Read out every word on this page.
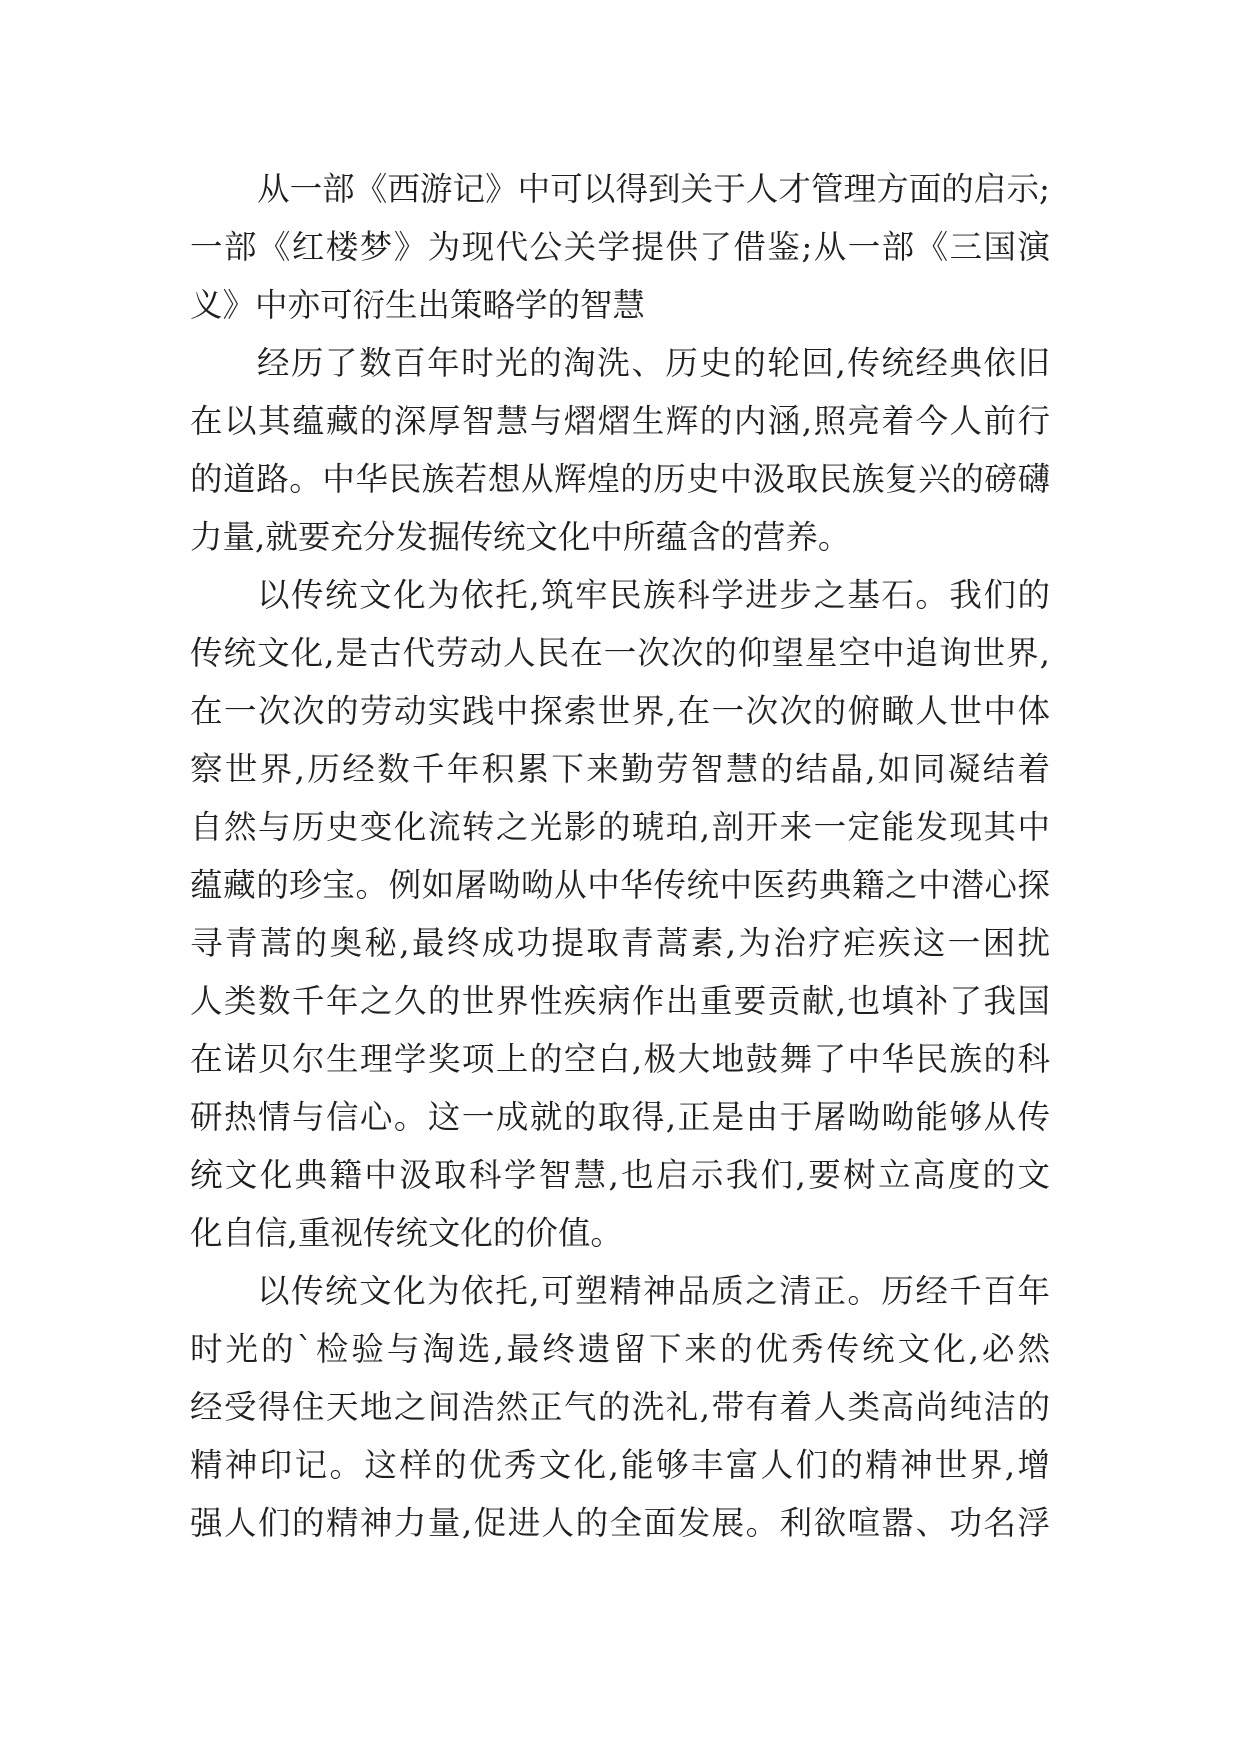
从一部《西游记》中可以得到关于人才管理方面的启示;
一部《红楼梦》为现代公关学提供了借鉴;从一部《三国演
义》中亦可衍生出策略学的智慧
经历了数百年时光的淘洗、历史的轮回,传统经典依旧
在以其蕴藏的深厚智慧与熠熠生辉的内涵,照亮着今人前行
的道路。中华民族若想从辉煌的历史中汲取民族复兴的磅礴
力量,就要充分发掘传统文化中所蕴含的营养。
以传统文化为依托,筑牢民族科学进步之基石。我们的
传统文化,是古代劳动人民在一次次的仰望星空中追询世界,
在一次次的劳动实践中探索世界,在一次次的俯瞰人世中体
察世界,历经数千年积累下来勤劳智慧的结晶,如同凝结着
自然与历史变化流转之光影的琥珀,剖开来一定能发现其中
蕴藏的珍宝。例如屠呦呦从中华传统中医药典籍之中潜心探
寻青蒿的奥秘,最终成功提取青蒿素,为治疗疟疾这一困扰
人类数千年之久的世界性疾病作出重要贡献,也填补了我国
在诺贝尔生理学奖项上的空白,极大地鼓舞了中华民族的科
研热情与信心。这一成就的取得,正是由于屠呦呦能够从传
统文化典籍中汲取科学智慧,也启示我们,要树立高度的文
化自信,重视传统文化的价值。
以传统文化为依托,可塑精神品质之清正。历经千百年
时光的`检验与淘选,最终遗留下来的优秀传统文化,必然
经受得住天地之间浩然正气的洗礼,带有着人类高尚纯洁的
精神印记。这样的优秀文化,能够丰富人们的精神世界,增
强人们的精神力量,促进人的全面发展。利欲喧嚣、功名浮
